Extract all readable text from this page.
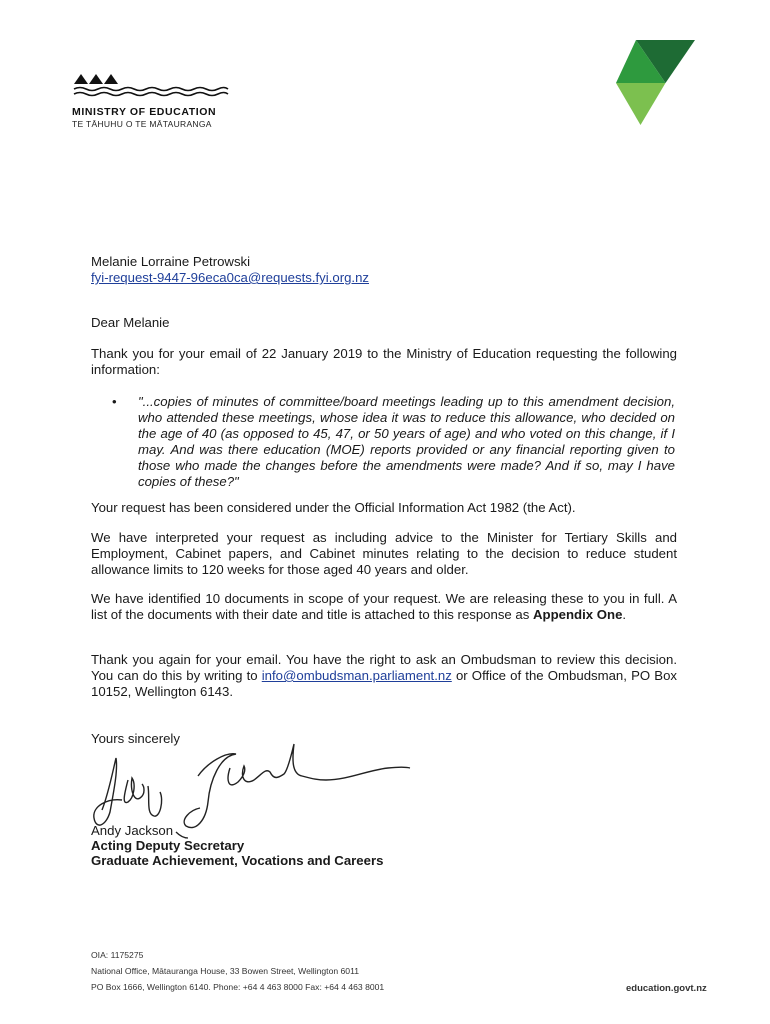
MINISTRY OF EDUCATION
TE TĀHUHU O TE MĀTAURANGA
Melanie Lorraine Petrowski
fyi-request-9447-96eca0ca@requests.fyi.org.nz
Dear Melanie
Thank you for your email of 22 January 2019 to the Ministry of Education requesting the following information:
• "...copies of minutes of committee/board meetings leading up to this amendment decision, who attended these meetings, whose idea it was to reduce this allowance, who decided on the age of 40 (as opposed to 45, 47, or 50 years of age) and who voted on this change, if I may. And was there education (MOE) reports provided or any financial reporting given to those who made the changes before the amendments were made? And if so, may I have copies of these?"
Your request has been considered under the Official Information Act 1982 (the Act).
We have interpreted your request as including advice to the Minister for Tertiary Skills and Employment, Cabinet papers, and Cabinet minutes relating to the decision to reduce student allowance limits to 120 weeks for those aged 40 years and older.
We have identified 10 documents in scope of your request. We are releasing these to you in full. A list of the documents with their date and title is attached to this response as Appendix One.
Thank you again for your email. You have the right to ask an Ombudsman to review this decision. You can do this by writing to info@ombudsman.parliament.nz or Office of the Ombudsman, PO Box 10152, Wellington 6143.
Yours sincerely
Andy Jackson
Acting Deputy Secretary
Graduate Achievement, Vocations and Careers
OIA: 1175275
National Office, Mātauranga House, 33 Bowen Street, Wellington 6011
PO Box 1666, Wellington 6140. Phone: +64 4 463 8000 Fax: +64 4 463 8001	education.govt.nz
